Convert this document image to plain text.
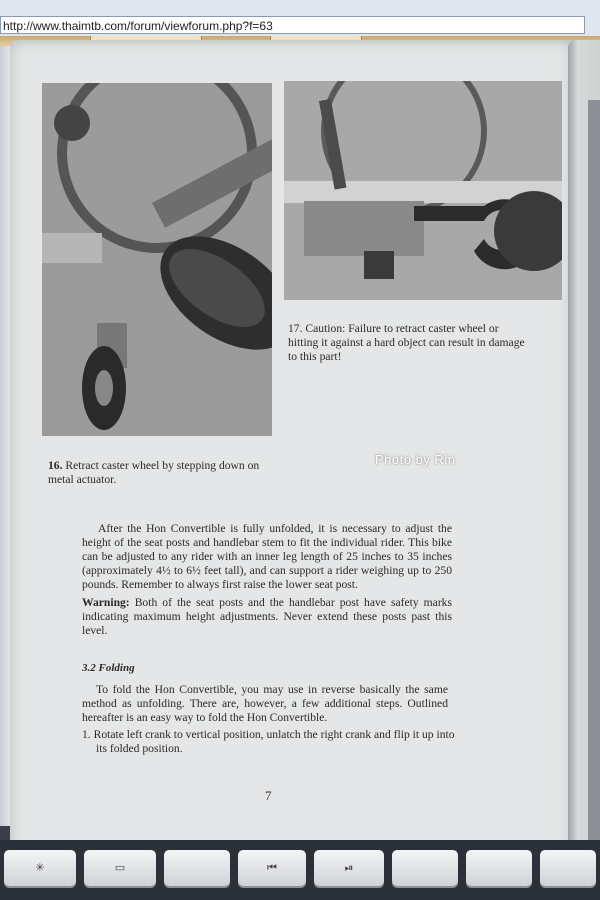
http://www.thaimtb.com/forum/viewforum.php?f=63
16. Retract caster wheel by stepping down on metal actuator.
17. Caution: Failure to retract caster wheel or hitting it against a hard object can result in damage to this part!
Photo by Rin
After the Hon Convertible is fully unfolded, it is necessary to adjust the height of the seat posts and handlebar stem to fit the individual rider. This bike can be adjusted to any rider with an inner leg length of 25 inches to 35 inches (approximately 4½ to 6½ feet tall), and can support a rider weighing up to 250 pounds. Remember to always first raise the lower seat post.
Warning: Both of the seat posts and the handlebar post have safety marks indicating maximum height adjustments. Never extend these posts past this level.
3.2 Folding
To fold the Hon Convertible, you may use in reverse basically the same method as unfolding. There are, however, a few additional steps. Outlined hereafter is an easy way to fold the Hon Convertible.
1. Rotate left crank to vertical position, unlatch the right crank and flip it up into its folded position.
7
✳	▭	⏮	⏯
